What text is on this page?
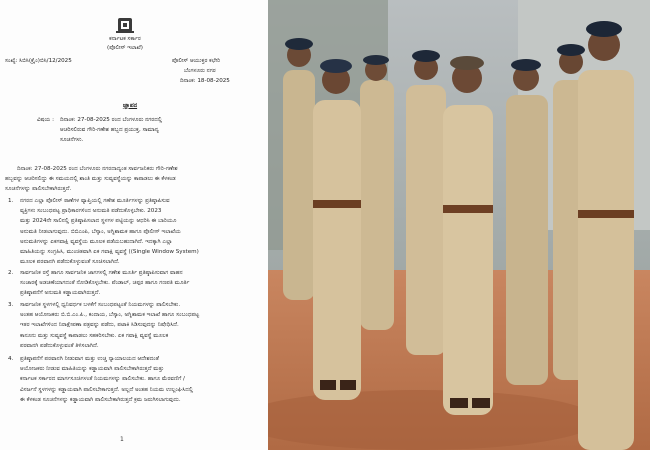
ಕರ್ನಾಟಕ ಸರ್ಕಾರ
(ಪೊಲೀಸ್ ಇಲಾಖೆ)
ಸಂಖ್ಯೆ: ಸಿಬಿಸಿ(ಕ್ರೈಂ)ಬಿಸಿ/12/2025	ಪೊಲೀಸ್ ಆಯುಕ್ತರ ಕಛೇರಿ
ಬೆಂಗಳೂರು ನಗರ
ದಿನಾಂಕ: 18-08-2025
ಜ್ಞಾಪನ
ವಿಷಯ : ದಿನಾಂಕ: 27-08-2025 ರಂದ ಬೆಂಗಳೂರು ನಗರದಲ್ಲಿ
ಆಚರಿಸಲಿರುವ ಗೌರಿ-ಗಣೇಶ ಹಬ್ಬದ ಪ್ರಯುಕ್ತ, ಸಾಮಾನ್ಯ
ಸೂಚನೆಗಳು.
ದಿನಾಂಕ: 27-08-2025 ರಂದ ಬೆಂಗಳೂರು ನಗರದಾದ್ಯಂತ ಸಾರ್ವಜನಿಕರು ಗೌರಿ-ಗಣೇಶ
ಹಬ್ಬವನ್ನು ಆಚರಿಸಲಿದ್ದು ಈ ಸಮಯದಲ್ಲಿ ಶಾಂತಿ ಮತ್ತು ಸುವ್ಯವಸ್ಥೆಯನ್ನು ಕಾಪಾಡಲು ಈ ಕೆಳಕಂಡ
ಸೂಚನೆಗಳನ್ನು ಪಾಲಿಸಬೇಕಾಗಿರುತ್ತದೆ.
1. ನಗರದ ಎಲ್ಲಾ ಪೊಲೀಸ್ ಠಾಣೆಗಳ ವ್ಯಾಪ್ತಿಯಲ್ಲಿ ಗಣೇಶ ಮೂರ್ತಿಗಳನ್ನು ಪ್ರತಿಷ್ಠಾಪಿಸುವ
ವ್ಯಕ್ತಿಗಳು ಸಂಬಂಧಪಟ್ಟ ಪ್ರಾಧಿಕಾರಗಳಿಂದ ಅನುಮತಿ ಪಡೆದುಕೊಳ್ಳಬೇಕು. 2023
ಮತ್ತು 2024ನೇ ಸಾಲಿನಲ್ಲಿ ಪ್ರತಿಷ್ಠಾಪಿಸಲಾದ ಸ್ಥಳಗಳ ಪಟ್ಟಿಯನ್ನು ಆಧರಿಸಿ ಈ ಬಾರಿಯೂ
ಅನುಮತಿ ನೀಡಲಾಗುವುದು. ಬಿಬಿಎಂಪಿ, ಬೆಸ್ಕಾಂ, ಅಗ್ನಿಶಾಮಕ ಹಾಗೂ ಪೊಲೀಸ್ ಇಲಾಖೆಯ
ಅನುಮತಿಗಳನ್ನು ಏಕಗವಾಕ್ಷಿ ವ್ಯವಸ್ಥೆಯ ಮೂಲಕ ಪಡೆಯಬಹುದಾಗಿದೆ. ಇದಕ್ಕಾಗಿ ಎಲ್ಲಾ
ಮಾಹಿತಿಯನ್ನು ಸಂಗ್ರಹಿಸಿ, ಮುಂಚಿತವಾಗಿ ಏಕ ಗವಾಕ್ಷಿ ವ್ಯವಸ್ಥೆ ((Single Window System)
ಮೂಲಕ ಪರವಾನಗಿ ಪಡೆದುಕೊಳ್ಳುವಂತೆ ಸೂಚಿಸಲಾಗಿದೆ.
2. ಸಾರ್ವಜನಿಕ ರಸ್ತೆ ಹಾಗೂ ಸಾರ್ವಜನಿಕ ಜಾಗಗಳಲ್ಲಿ ಗಣೇಶ ಮೂರ್ತಿ ಪ್ರತಿಷ್ಠಾಪಿಸುವಾಗ ವಾಹನ
ಸಂಚಾರಕ್ಕೆ ಅಡಚಣೆಯಾಗದಂತೆ ನೋಡಿಕೊಳ್ಳಬೇಕು. ಪೆಂಡಾಲ್, ಚಪ್ಪರ ಹಾಗೂ ಗಣಪತಿ ಮೂರ್ತಿ
ಪ್ರತಿಷ್ಠಾಪನೆಗೆ ಅನುಮತಿ ಕಡ್ಡಾಯವಾಗಿರುತ್ತದೆ.
3. ಸಾರ್ವಜನಿಕ ಸ್ಥಳಗಳಲ್ಲಿ ಧ್ವನಿವರ್ಧಕ ಬಳಕೆಗೆ ಸಂಬಂಧಪಟ್ಟಂತೆ ನಿಯಮಗಳನ್ನು ಪಾಲಿಸಬೇಕು.
ಅಂತಹ ಆಯೋಜಕರು ಬಿ.ಬಿ.ಎಂ.ಪಿ., ಕಂದಾಯ, ಬೆಸ್ಕಾಂ, ಅಗ್ನಿಶಾಮಕ ಇಲಾಖೆ ಹಾಗೂ ಸಂಬಂಧಪಟ್ಟ
ಇತರ ಇಲಾಖೆಗಳಿಂದ ನಿರಾಕ್ಷೇಪಣಾ ಪತ್ರವನ್ನು ಪಡೆದು, ಪಟಾಕಿ ಸಿಡಿಸುವುದನ್ನು ನಿಷೇಧಿಸಿದೆ.
ಕಾನೂನು ಮತ್ತು ಸುವ್ಯವಸ್ಥೆ ಕಾಪಾಡಲು ಸಹಕರಿಸಬೇಕು. ಏಕ ಗವಾಕ್ಷಿ ವ್ಯವಸ್ಥೆ ಮೂಲಕ
ಪರವಾನಗಿ ಪಡೆದುಕೊಳ್ಳುವಂತೆ ತಿಳಿಸಲಾಗಿದೆ.
4. ಪ್ರತಿಷ್ಠಾಪನೆಗೆ ಪರವಾನಗಿ ನೀಡುವಾಗ ಮತ್ತು ಉಚ್ಚ ನ್ಯಾಯಾಲಯದ ಆದೇಶದಂತೆ
ಆಯೋಜಕರು ನೀಡುವ ಮಾಹಿತಿಯನ್ನು ಕಡ್ಡಾಯವಾಗಿ ಪಾಲಿಸಬೇಕಾಗಿರುತ್ತದೆ ಮತ್ತು
ಕರ್ನಾಟಕ ಸರ್ಕಾರದ ಮಾರ್ಗಸೂಚಿಗಳಂತೆ ನಿಯಮಗಳನ್ನು ಪಾಲಿಸಬೇಕು. ಹಾಗೂ ಮೆರವಣಿಗೆ /
ವಿಸರ್ಜನೆ ಸ್ಥಳಗಳನ್ನು ಕಡ್ಡಾಯವಾಗಿ ಪಾಲಿಸಬೇಕಾಗುತ್ತದೆ. ಅಲ್ಲದೆ ಅಂತಹ ನಿಯಮ ಉಲ್ಲಂಘಿಸಿದಲ್ಲಿ
ಈ ಕೆಳಕಂಡ ಸೂಚನೆಗಳನ್ನು ಕಡ್ಡಾಯವಾಗಿ ಪಾಲಿಸಬೇಕಾಗಿರುತ್ತದೆ ಕ್ರಮ ಜರುಗಿಸಲಾಗುವುದು.
1
